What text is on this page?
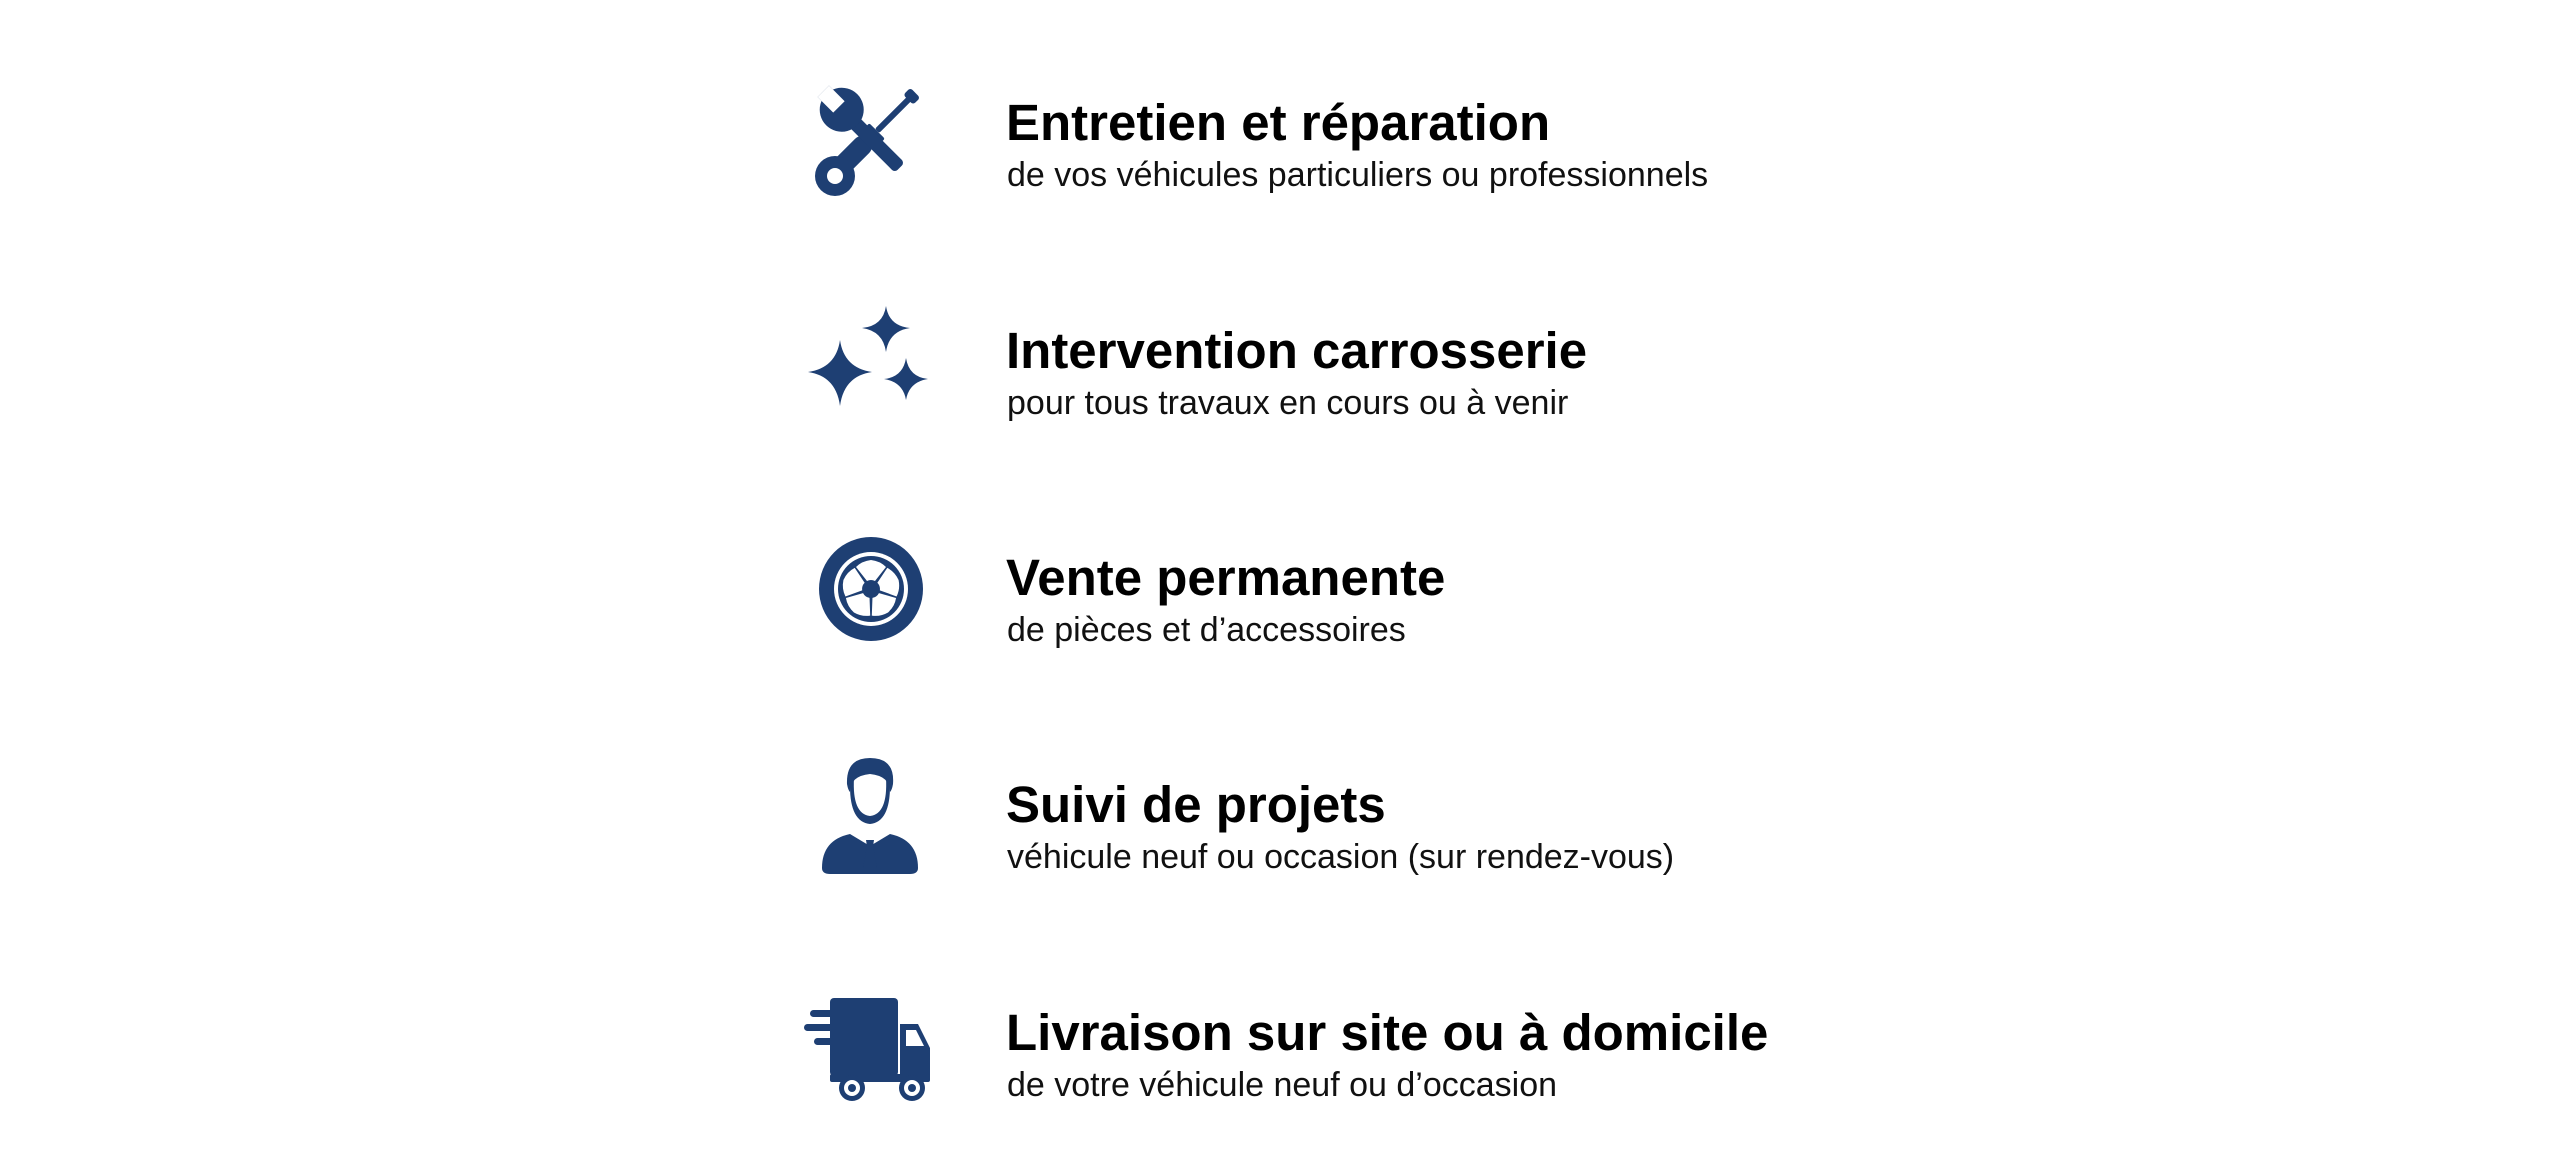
Entretien et réparation

de vos véhicules particuliers ou professionnels

Intervention carrosserie

pour tous travaux en cours ou à venir

Vente permanente

de pièces et d’accessoires

Suivi de projets

véhicule neuf ou occasion (sur rendez-vous)

Livraison sur site ou à domicile

de votre véhicule neuf ou d’occasion
